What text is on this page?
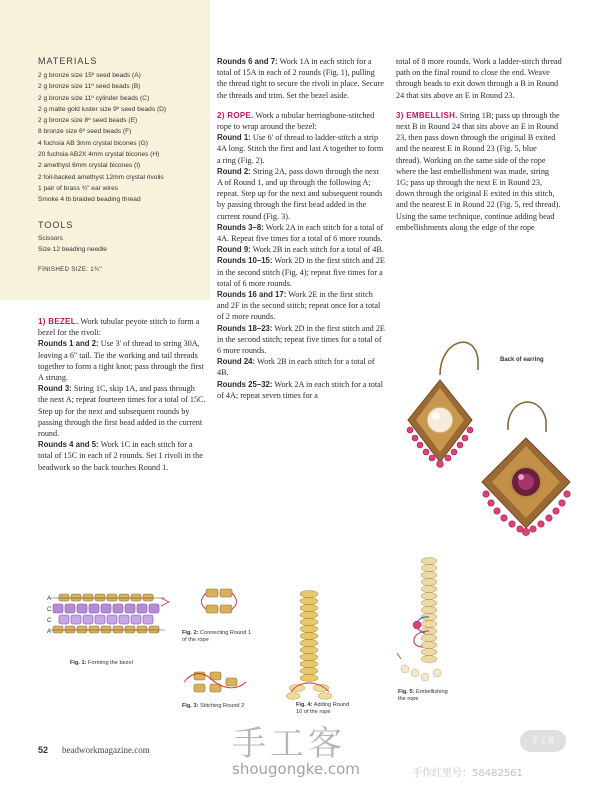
MATERIALS
2 g bronze size 15º seed beads (A)
2 g bronze size 11º seed beads (B)
2 g bronze size 11º cylinder beads (C)
2 g matte gold luster size 9º seed beads (D)
2 g bronze size 8º seed beads (E)
8 bronze size 6º seed beads (F)
4 fuchsia AB 3mm crystal bicones (G)
20 fuchsia AB2X 4mm crystal bicones (H)
2 amethyst 6mm crystal bicones (I)
2 foil-backed amethyst 12mm crystal rivolis
1 pair of brass ¾" ear wires
Smoke 4 lb braided beading thread
TOOLS
Scissors
Size 12 beading needle
FINISHED SIZE: 1¾"

1) BEZEL. Work tubular peyote stitch to form a bezel for the rivoli:

Rounds 1 and 2: Use 3' of thread to string 30A, leaving a 6" tail. Tie the working and tail threads together to form a tight knot; pass through the first A strung.

Round 3: String 1C, skip 1A, and pass through the next A; repeat fourteen times for a total of 15C. Step up for the next and subsequent rounds by passing through the first bead added in the current round.

Rounds 4 and 5: Work 1C in each stitch for a total of 15C in each of 2 rounds. Set 1 rivoli in the beadwork so the back touches Round 1.

Rounds 6 and 7: Work 1A in each stitch for a total of 15A in each of 2 rounds (Fig. 1), pulling the thread tight to secure the rivoli in place. Secure the threads and trim. Set the bezel aside.

2) ROPE. Work a tubular herringbone-stitched rope to wrap around the bezel:

Round 1: Use 6' of thread to ladder-stitch a strip 4A long. Stitch the first and last A together to form a ring (Fig. 2).

Round 2: String 2A, pass down through the next A of Round 1, and up through the following A; repeat. Step up for the next and subsequent rounds by passing through the first bead added in the current round (Fig. 3).

Rounds 3–8: Work 2A in each stitch for a total of 4A. Repeat five times for a total of 6 more rounds.

Round 9: Work 2B in each stitch for a total of 4B.

Rounds 10–15: Work 2D in the first stitch and 2E in the second stitch (Fig. 4); repeat five times for a total of 6 more rounds.

Rounds 16 and 17: Work 2E in the first stitch and 2F in the second stitch; repeat once for a total of 2 more rounds.

Rounds 18–23: Work 2D in the first stitch and 2E in the second stitch; repeat five times for a total of 6 more rounds.

Round 24: Work 2B in each stitch for a total of 4B.

Rounds 25–32: Work 2A in each stitch for a total of 4A; repeat seven times for a

total of 8 more rounds. Work a ladder-stitch thread path on the final round to close the end. Weave through beads to exit down through a B in Round 24 that sits above an E in Round 23.

3) EMBELLISH. String 1B; pass up through the next B in Round 24 that sits above an E in Round 23, then pass down through the original B exited and the nearest E in Round 23 (Fig. 5, blue thread). Working on the same side of the rope where the last embellishment was made, string 1G; pass up through the next E in Round 23, down through the original E exited in this stitch, and the nearest E in Round 22 (Fig. 5, red thread). Using the same technique, continue adding bead embellishments along the edge of the rope

Back of earring
A
C
C
A
Fig. 1: Forming the bezel
Fig. 2: Connecting Round 1 of the rope
Fig. 3: Stitching Round 2	Fig. 4: Adding Round 10 of the rope
Fig. 5: Embellishing the rope
52 beadworkmagazine.com 手工客
shougongke.com	手作红里号：58482561
手工客
